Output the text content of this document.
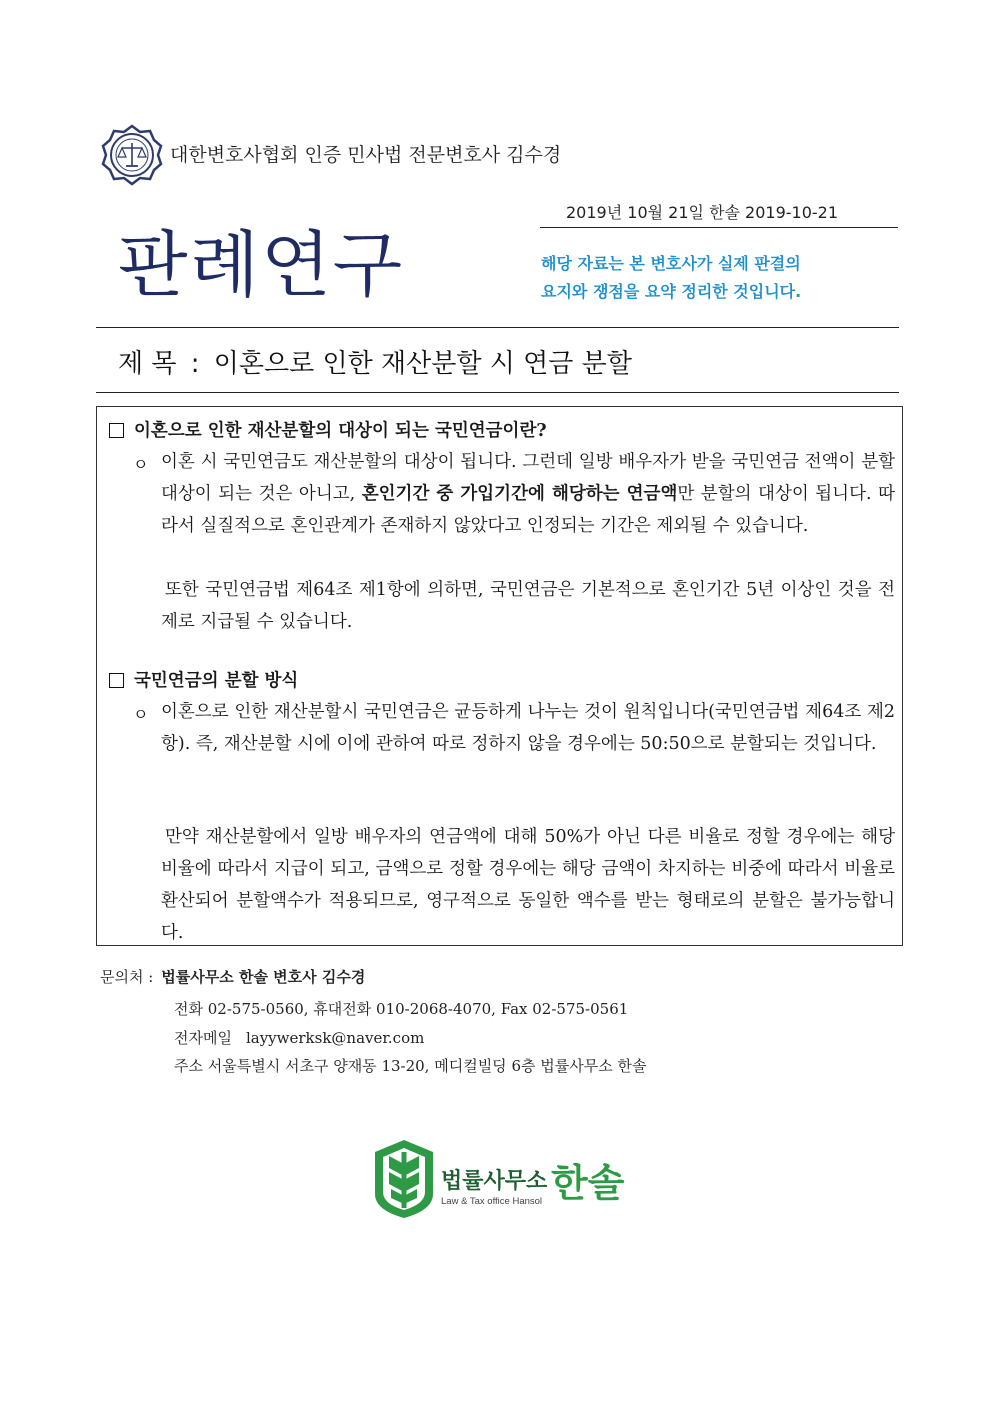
대한변호사협회 인증 민사법 전문변호사 김수경
2019년 10월 21일 한솔 2019-10-21
판례연구	해당 자료는 본 변호사가 실제 판결의
요지와 쟁점을 요약 정리한 것입니다.
제 목 : 이혼으로 인한 재산분할 시 연금 분할
이혼으로 인한 재산분할의 대상이 되는 국민연금이란?
ㅇ 이혼 시 국민연금도 재산분할의 대상이 됩니다. 그런데 일방 배우자가 받을 국민연금 전액이 분할대상이 되는 것은 아니고, 혼인기간 중 가입기간에 해당하는 연금액만 분할의 대상이 됩니다. 따라서 실질적으로 혼인관계가 존재하지 않았다고 인정되는 기간은 제외될 수 있습니다.
또한 국민연금법 제64조 제1항에 의하면, 국민연금은 기본적으로 혼인기간 5년 이상인 것을 전제로 지급될 수 있습니다.
국민연금의 분할 방식
ㅇ 이혼으로 인한 재산분할시 국민연금은 균등하게 나누는 것이 원칙입니다(국민연금법 제64조 제2항). 즉, 재산분할 시에 이에 관하여 따로 정하지 않을 경우에는 50:50으로 분할되는 것입니다.
만약 재산분할에서 일방 배우자의 연금액에 대해 50%가 아닌 다른 비율로 정할 경우에는 해당 비율에 따라서 지급이 되고, 금액으로 정할 경우에는 해당 금액이 차지하는 비중에 따라서 비율로 환산되어 분할액수가 적용되므로, 영구적으로 동일한 액수를 받는 형태로의 분할은 불가능합니다.
문의처 : 법률사무소 한솔 변호사 김수경
전화 02-575-0560, 휴대전화 010-2068-4070, Fax 02-575-0561
전자메일 layywerksk@naver.com
주소 서울특별시 서초구 양재동 13-20, 메디컬빌딩 6층 법률사무소 한솔
법률사무소 한솔
Law & Tax office Hansol
